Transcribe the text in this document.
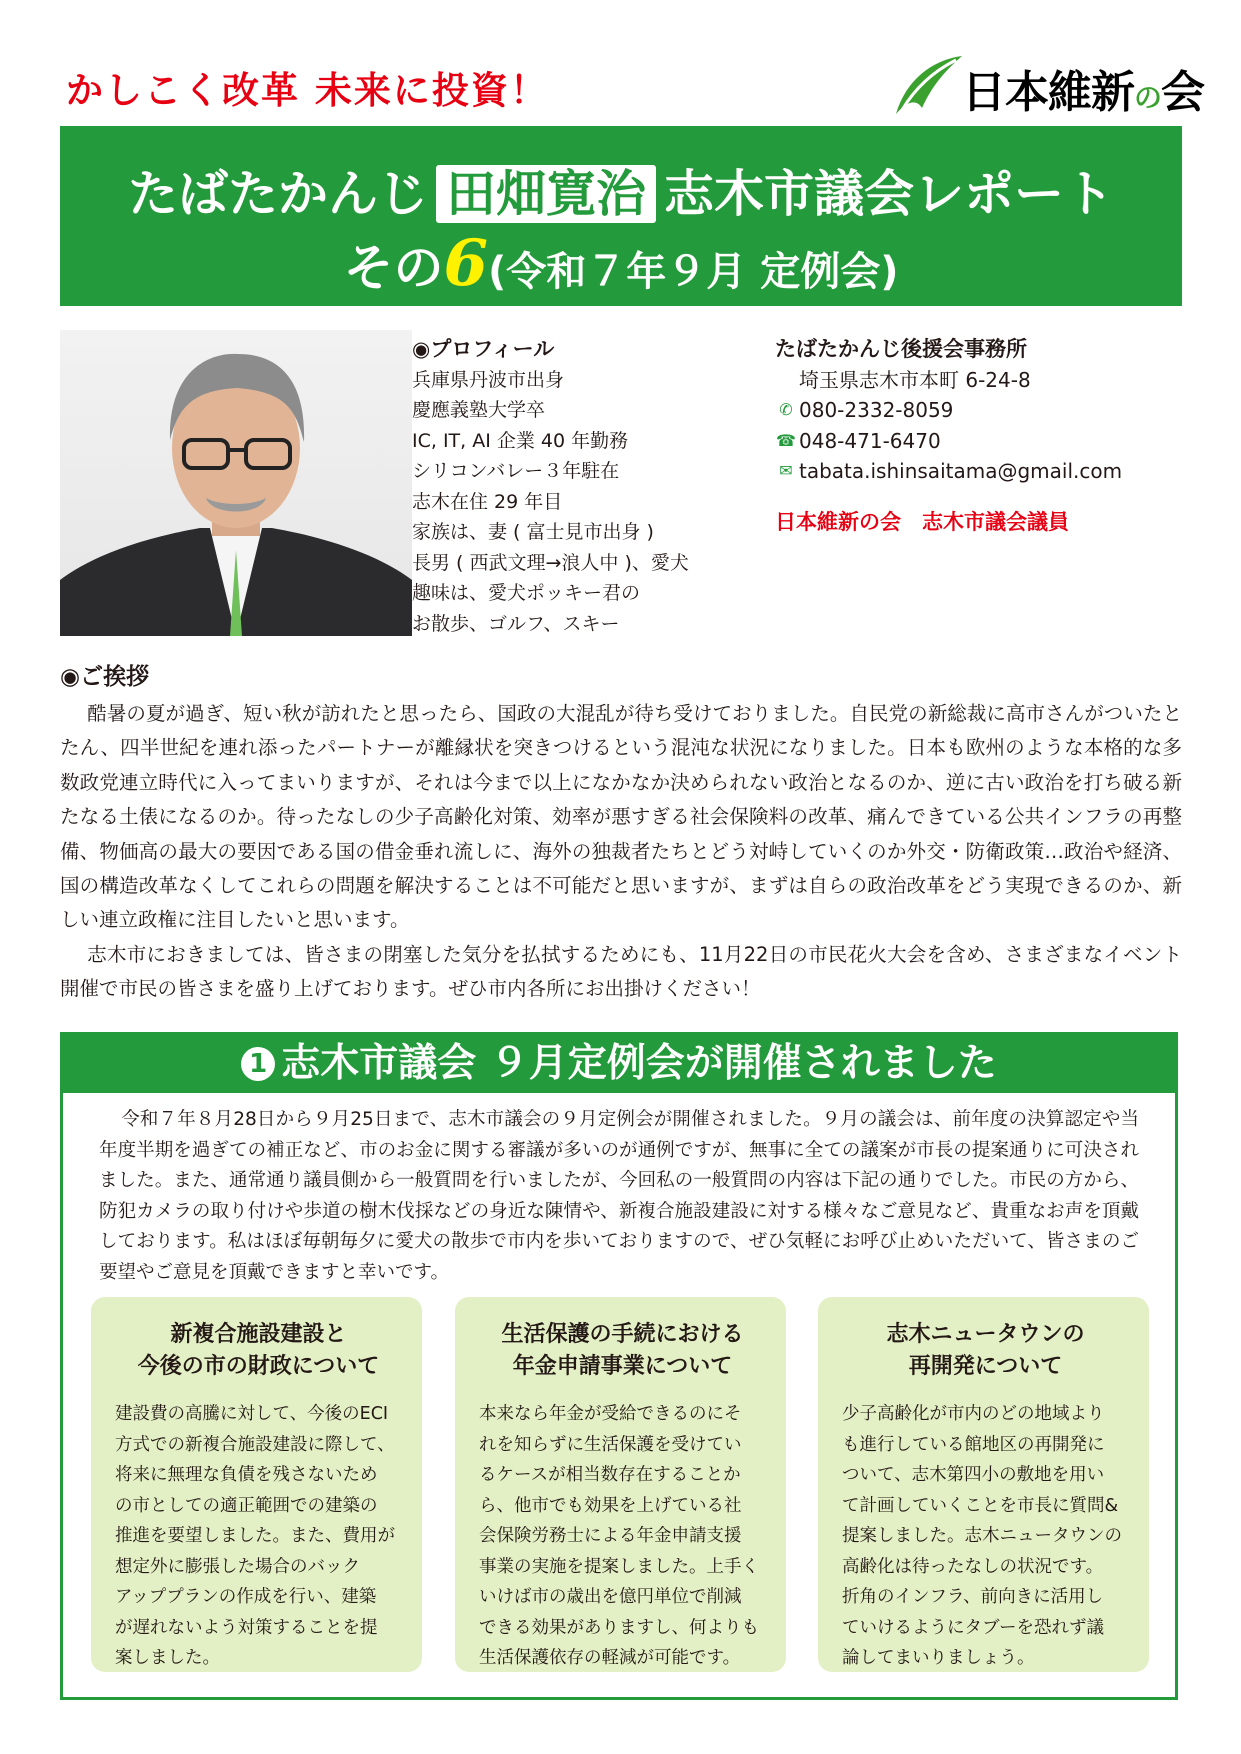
かしこく改革 未来に投資！	日本維新の会
たばたかんじ 田畑寛治 志木市議会レポート
その6(令和７年９月 定例会)
◉プロフィール
兵庫県丹波市出身
慶應義塾大学卒
IC, IT, AI 企業 40 年勤務
シリコンバレー３年駐在
志木在住 29 年目
家族は、妻 ( 富士見市出身 )
長男 ( 西武文理→浪人中 )、愛犬
趣味は、愛犬ポッキー君の
お散歩、ゴルフ、スキー
たばたかんじ後援会事務所
埼玉県志木市本町 6-24-8
✆ 080-2332-8059
☎ 048-471-6470
✉ tabata.ishinsaitama@gmail.com
日本維新の会　志木市議会議員
◉ご挨拶

酷暑の夏が過ぎ、短い秋が訪れたと思ったら、国政の大混乱が待ち受けておりました。自民党の新総裁に高市さんがついたとたん、四半世紀を連れ添ったパートナーが離縁状を突きつけるという混沌な状況になりました。日本も欧州のような本格的な多数政党連立時代に入ってまいりますが、それは今まで以上になかなか決められない政治となるのか、逆に古い政治を打ち破る新たなる土俵になるのか。待ったなしの少子高齢化対策、効率が悪すぎる社会保険料の改革、痛んできている公共インフラの再整備、物価高の最大の要因である国の借金垂れ流しに、海外の独裁者たちとどう対峙していくのか外交・防衛政策…政治や経済、国の構造改革なくしてこれらの問題を解決することは不可能だと思いますが、まずは自らの政治改革をどう実現できるのか、新しい連立政権に注目したいと思います。

志木市におきましては、皆さまの閉塞した気分を払拭するためにも、11月22日の市民花火大会を含め、さまざまなイベント開催で市民の皆さまを盛り上げております。ぜひ市内各所にお出掛けください！

1 志木市議会 ９月定例会が開催されました

令和７年８月28日から９月25日まで、志木市議会の９月定例会が開催されました。９月の議会は、前年度の決算認定や当年度半期を過ぎての補正など、市のお金に関する審議が多いのが通例ですが、無事に全ての議案が市長の提案通りに可決されました。また、通常通り議員側から一般質問を行いましたが、今回私の一般質問の内容は下記の通りでした。市民の方から、防犯カメラの取り付けや歩道の樹木伐採などの身近な陳情や、新複合施設建設に対する様々なご意見など、貴重なお声を頂戴しております。私はほぼ毎朝毎夕に愛犬の散歩で市内を歩いておりますので、ぜひ気軽にお呼び止めいただいて、皆さまのご要望やご意見を頂戴できますと幸いです。

新複合施設建設と
今後の市の財政について

建設費の高騰に対して、今後のECI
方式での新複合施設建設に際して、
将来に無理な負債を残さないため
の市としての適正範囲での建築の
推進を要望しました。また、費用が
想定外に膨張した場合のバック
アッププランの作成を行い、建築
が遅れないよう対策することを提
案しました。

生活保護の手続における
年金申請事業について

本来なら年金が受給できるのにそ
れを知らずに生活保護を受けてい
るケースが相当数存在することか
ら、他市でも効果を上げている社
会保険労務士による年金申請支援
事業の実施を提案しました。上手く
いけば市の歳出を億円単位で削減
できる効果がありますし、何よりも
生活保護依存の軽減が可能です。

志木ニュータウンの
再開発について

少子高齢化が市内のどの地域より
も進行している館地区の再開発に
ついて、志木第四小の敷地を用い
て計画していくことを市長に質問&
提案しました。志木ニュータウンの
高齢化は待ったなしの状況です。
折角のインフラ、前向きに活用し
ていけるようにタブーを恐れず議
論してまいりましょう。
